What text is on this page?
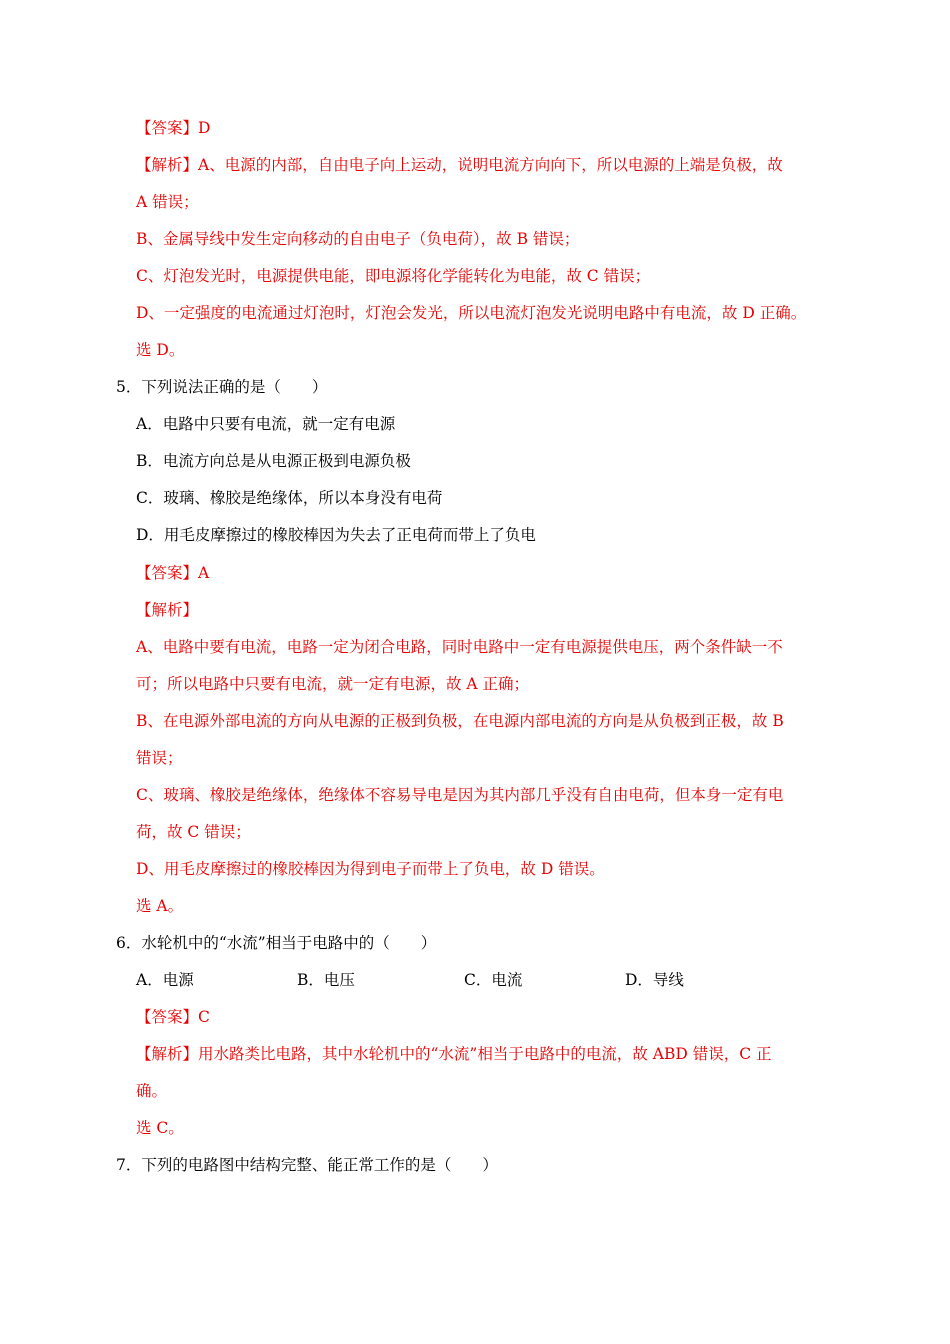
【答案】D
【解析】A、电源的内部，自由电子向上运动，说明电流方向向下，所以电源的上端是负极，故
A 错误；
B、金属导线中发生定向移动的自由电子（负电荷），故 B 错误；
C、灯泡发光时，电源提供电能，即电源将化学能转化为电能，故 C 错误；
D、一定强度的电流通过灯泡时，灯泡会发光，所以电流灯泡发光说明电路中有电流，故 D 正确。
选 D。
5．下列说法正确的是（　　）
A．电路中只要有电流，就一定有电源
B．电流方向总是从电源正极到电源负极
C．玻璃、橡胶是绝缘体，所以本身没有电荷
D．用毛皮摩擦过的橡胶棒因为失去了正电荷而带上了负电
【答案】A
【解析】
A、电路中要有电流，电路一定为闭合电路，同时电路中一定有电源提供电压，两个条件缺一不
可；所以电路中只要有电流，就一定有电源，故 A 正确；
B、在电源外部电流的方向从电源的正极到负极，在电源内部电流的方向是从负极到正极，故 B
错误；
C、玻璃、橡胶是绝缘体，绝缘体不容易导电是因为其内部几乎没有自由电荷，但本身一定有电
荷，故 C 错误；
D、用毛皮摩擦过的橡胶棒因为得到电子而带上了负电，故 D 错误。
选 A。
6．水轮机中的“水流”相当于电路中的（　　）
A．电源	B．电压	C．电流	D．导线
【答案】C
【解析】用水路类比电路，其中水轮机中的“水流”相当于电路中的电流，故 ABD 错误，C 正
确。
选 C。
7．下列的电路图中结构完整、能正常工作的是（　　）
